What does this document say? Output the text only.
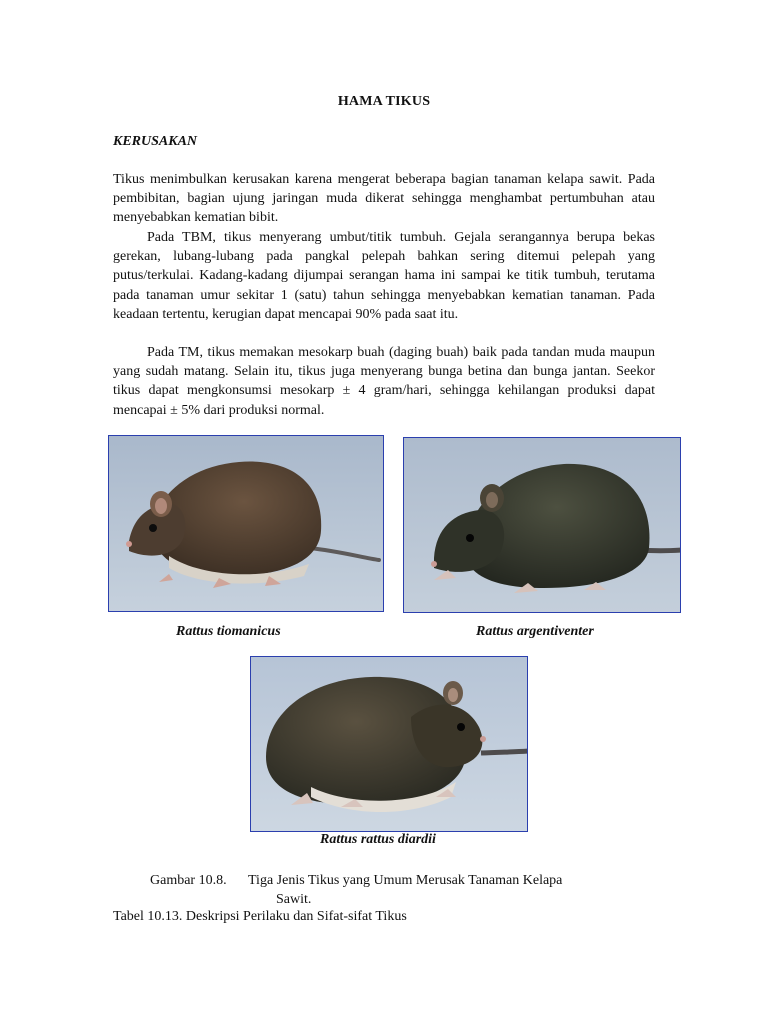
HAMA TIKUS
KERUSAKAN
Tikus menimbulkan kerusakan karena mengerat beberapa bagian tanaman kelapa sawit. Pada pembibitan, bagian ujung jaringan muda dikerat sehingga menghambat pertumbuhan atau menyebabkan kematian bibit.
Pada TBM, tikus menyerang umbut/titik tumbuh. Gejala serangannya berupa bekas gerekan, lubang-lubang pada pangkal pelepah bahkan sering ditemui pelepah yang putus/terkulai. Kadang-kadang dijumpai serangan hama ini sampai ke titik tumbuh, terutama pada tanaman umur sekitar 1 (satu) tahun sehingga menyebabkan kematian tanaman. Pada keadaan tertentu, kerugian dapat mencapai 90% pada saat itu.
Pada TM, tikus memakan mesokarp buah (daging buah) baik pada tandan muda maupun yang sudah matang. Selain itu, tikus juga menyerang bunga betina dan bunga jantan. Seekor tikus dapat mengkonsumsi mesokarp ± 4 gram/hari, sehingga kehilangan produksi dapat mencapai ± 5% dari produksi normal.
Rattus tiomanicus	Rattus argentiventer
Rattus rattus diardii
Gambar 10.8. Tiga Jenis Tikus yang Umum Merusak Tanaman Kelapa
Sawit.
Tabel 10.13. Deskripsi Perilaku dan Sifat-sifat Tikus
